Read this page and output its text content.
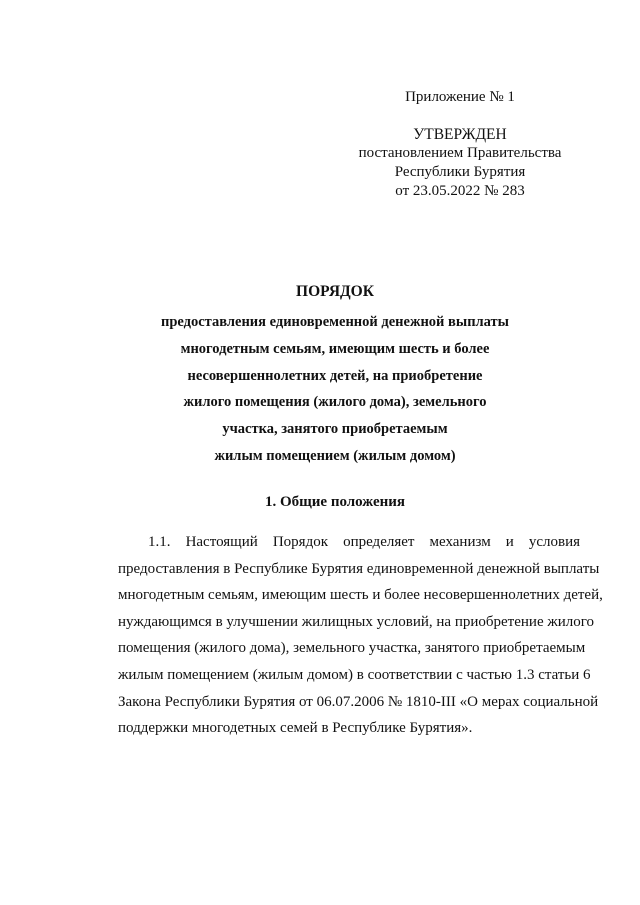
Приложение № 1
УТВЕРЖДЕН
постановлением Правительства
Республики Бурятия
от 23.05.2022 № 283
ПОРЯДОК
предоставления единовременной денежной выплаты
многодетным семьям, имеющим шесть и более
несовершеннолетних детей, на приобретение
жилого помещения (жилого дома), земельного
участка, занятого приобретаемым
жилым помещением (жилым домом)
1. Общие положения
1.1. Настоящий Порядок определяет механизм и условия
предоставления в Республике Бурятия единовременной денежной выплаты
многодетным семьям, имеющим шесть и более несовершеннолетних детей,
нуждающимся в улучшении жилищных условий, на приобретение жилого
помещения (жилого дома), земельного участка, занятого приобретаемым
жилым помещением (жилым домом) в соответствии с частью 1.3 статьи 6
Закона Республики Бурятия от 06.07.2006 № 1810-III «О мерах социальной
поддержки многодетных семей в Республике Бурятия».
